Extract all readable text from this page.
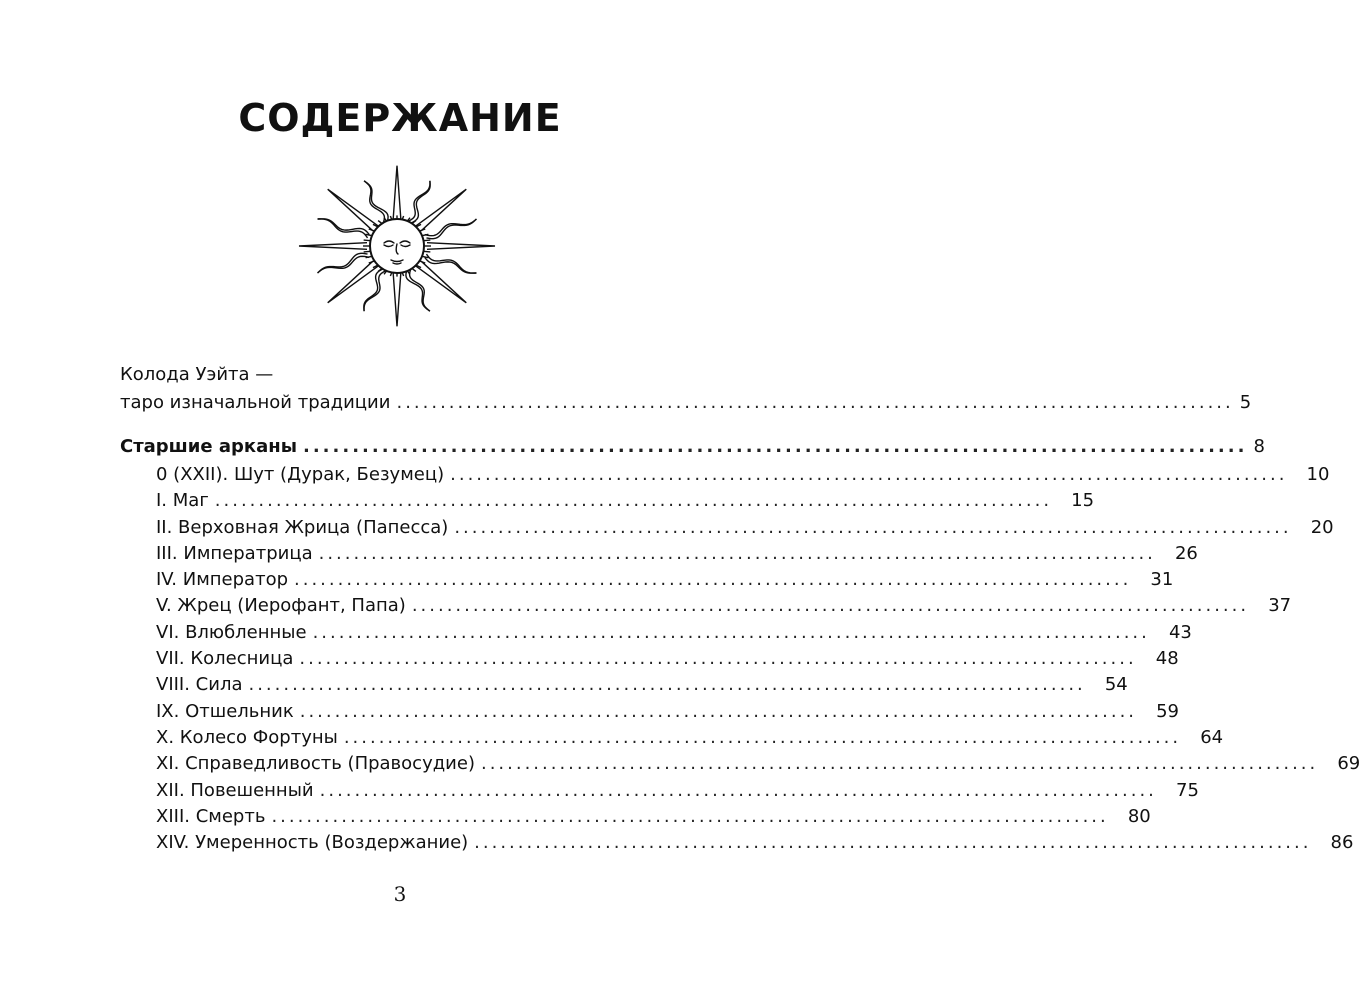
СОДЕРЖАНИЕ
Колода Уэйта —
таро изначальной традиции ................................................................................................ 5
Старшие арканы ................................................................................................ 8
0 (XXII). Шут (Дурак, Безумец) ................................................................................................	10
I. Маг ................................................................................................	15
II. Верховная Жрица (Папесса) ................................................................................................	20
III. Императрица ................................................................................................	26
IV. Император ................................................................................................	31
V. Жрец (Иерофант, Папа) ................................................................................................	37
VI. Влюбленные ................................................................................................	43
VII. Колесница ................................................................................................	48
VIII. Сила ................................................................................................	54
IX. Отшельник ................................................................................................	59
X. Колесо Фортуны ................................................................................................	64
XI. Справедливость (Правосудие) ................................................................................................	69
XII. Повешенный ................................................................................................	75
XIII. Смерть ................................................................................................	80
XIV. Умеренность (Воздержание) ................................................................................................	86
3
